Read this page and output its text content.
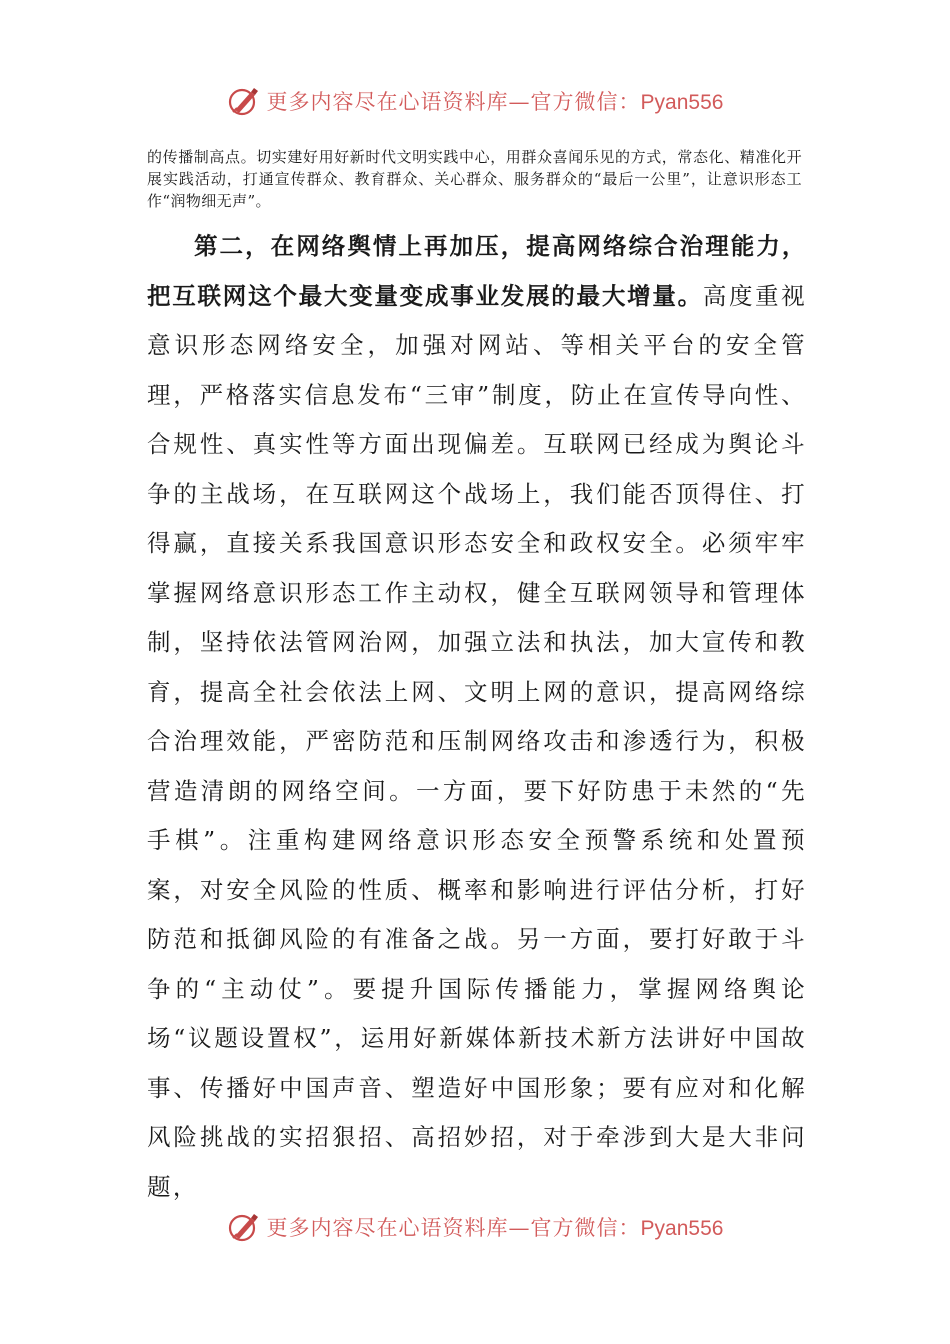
更多内容尽在心语资料库—官方微信：Pyan556

的传播制高点。切实建好用好新时代文明实践中心，用群众喜闻乐见的方式，常态化、精准化开展实践活动，打通宣传群众、教育群众、关心群众、服务群众的“最后一公里”，让意识形态工作“润物细无声”。

第二，在网络舆情上再加压，提高网络综合治理能力，把互联网这个最大变量变成事业发展的最大增量。高度重视意识形态网络安全，加强对网站、等相关平台的安全管理，严格落实信息发布“三审”制度，防止在宣传导向性、合规性、真实性等方面出现偏差。互联网已经成为舆论斗争的主战场，在互联网这个战场上，我们能否顶得住、打得赢，直接关系我国意识形态安全和政权安全。必须牢牢掌握网络意识形态工作主动权，健全互联网领导和管理体制，坚持依法管网治网，加强立法和执法，加大宣传和教育，提高全社会依法上网、文明上网的意识，提高网络综合治理效能，严密防范和压制网络攻击和渗透行为，积极营造清朗的网络空间。一方面，要下好防患于未然的“先手棋”。注重构建网络意识形态安全预警系统和处置预案，对安全风险的性质、概率和影响进行评估分析，打好防范和抵御风险的有准备之战。另一方面，要打好敢于斗争的“主动仗”。要提升国际传播能力，掌握网络舆论场“议题设置权”，运用好新媒体新技术新方法讲好中国故事、传播好中国声音、塑造好中国形象；要有应对和化解风险挑战的实招狠招、高招妙招，对于牵涉到大是大非问题，

更多内容尽在心语资料库—官方微信：Pyan556
